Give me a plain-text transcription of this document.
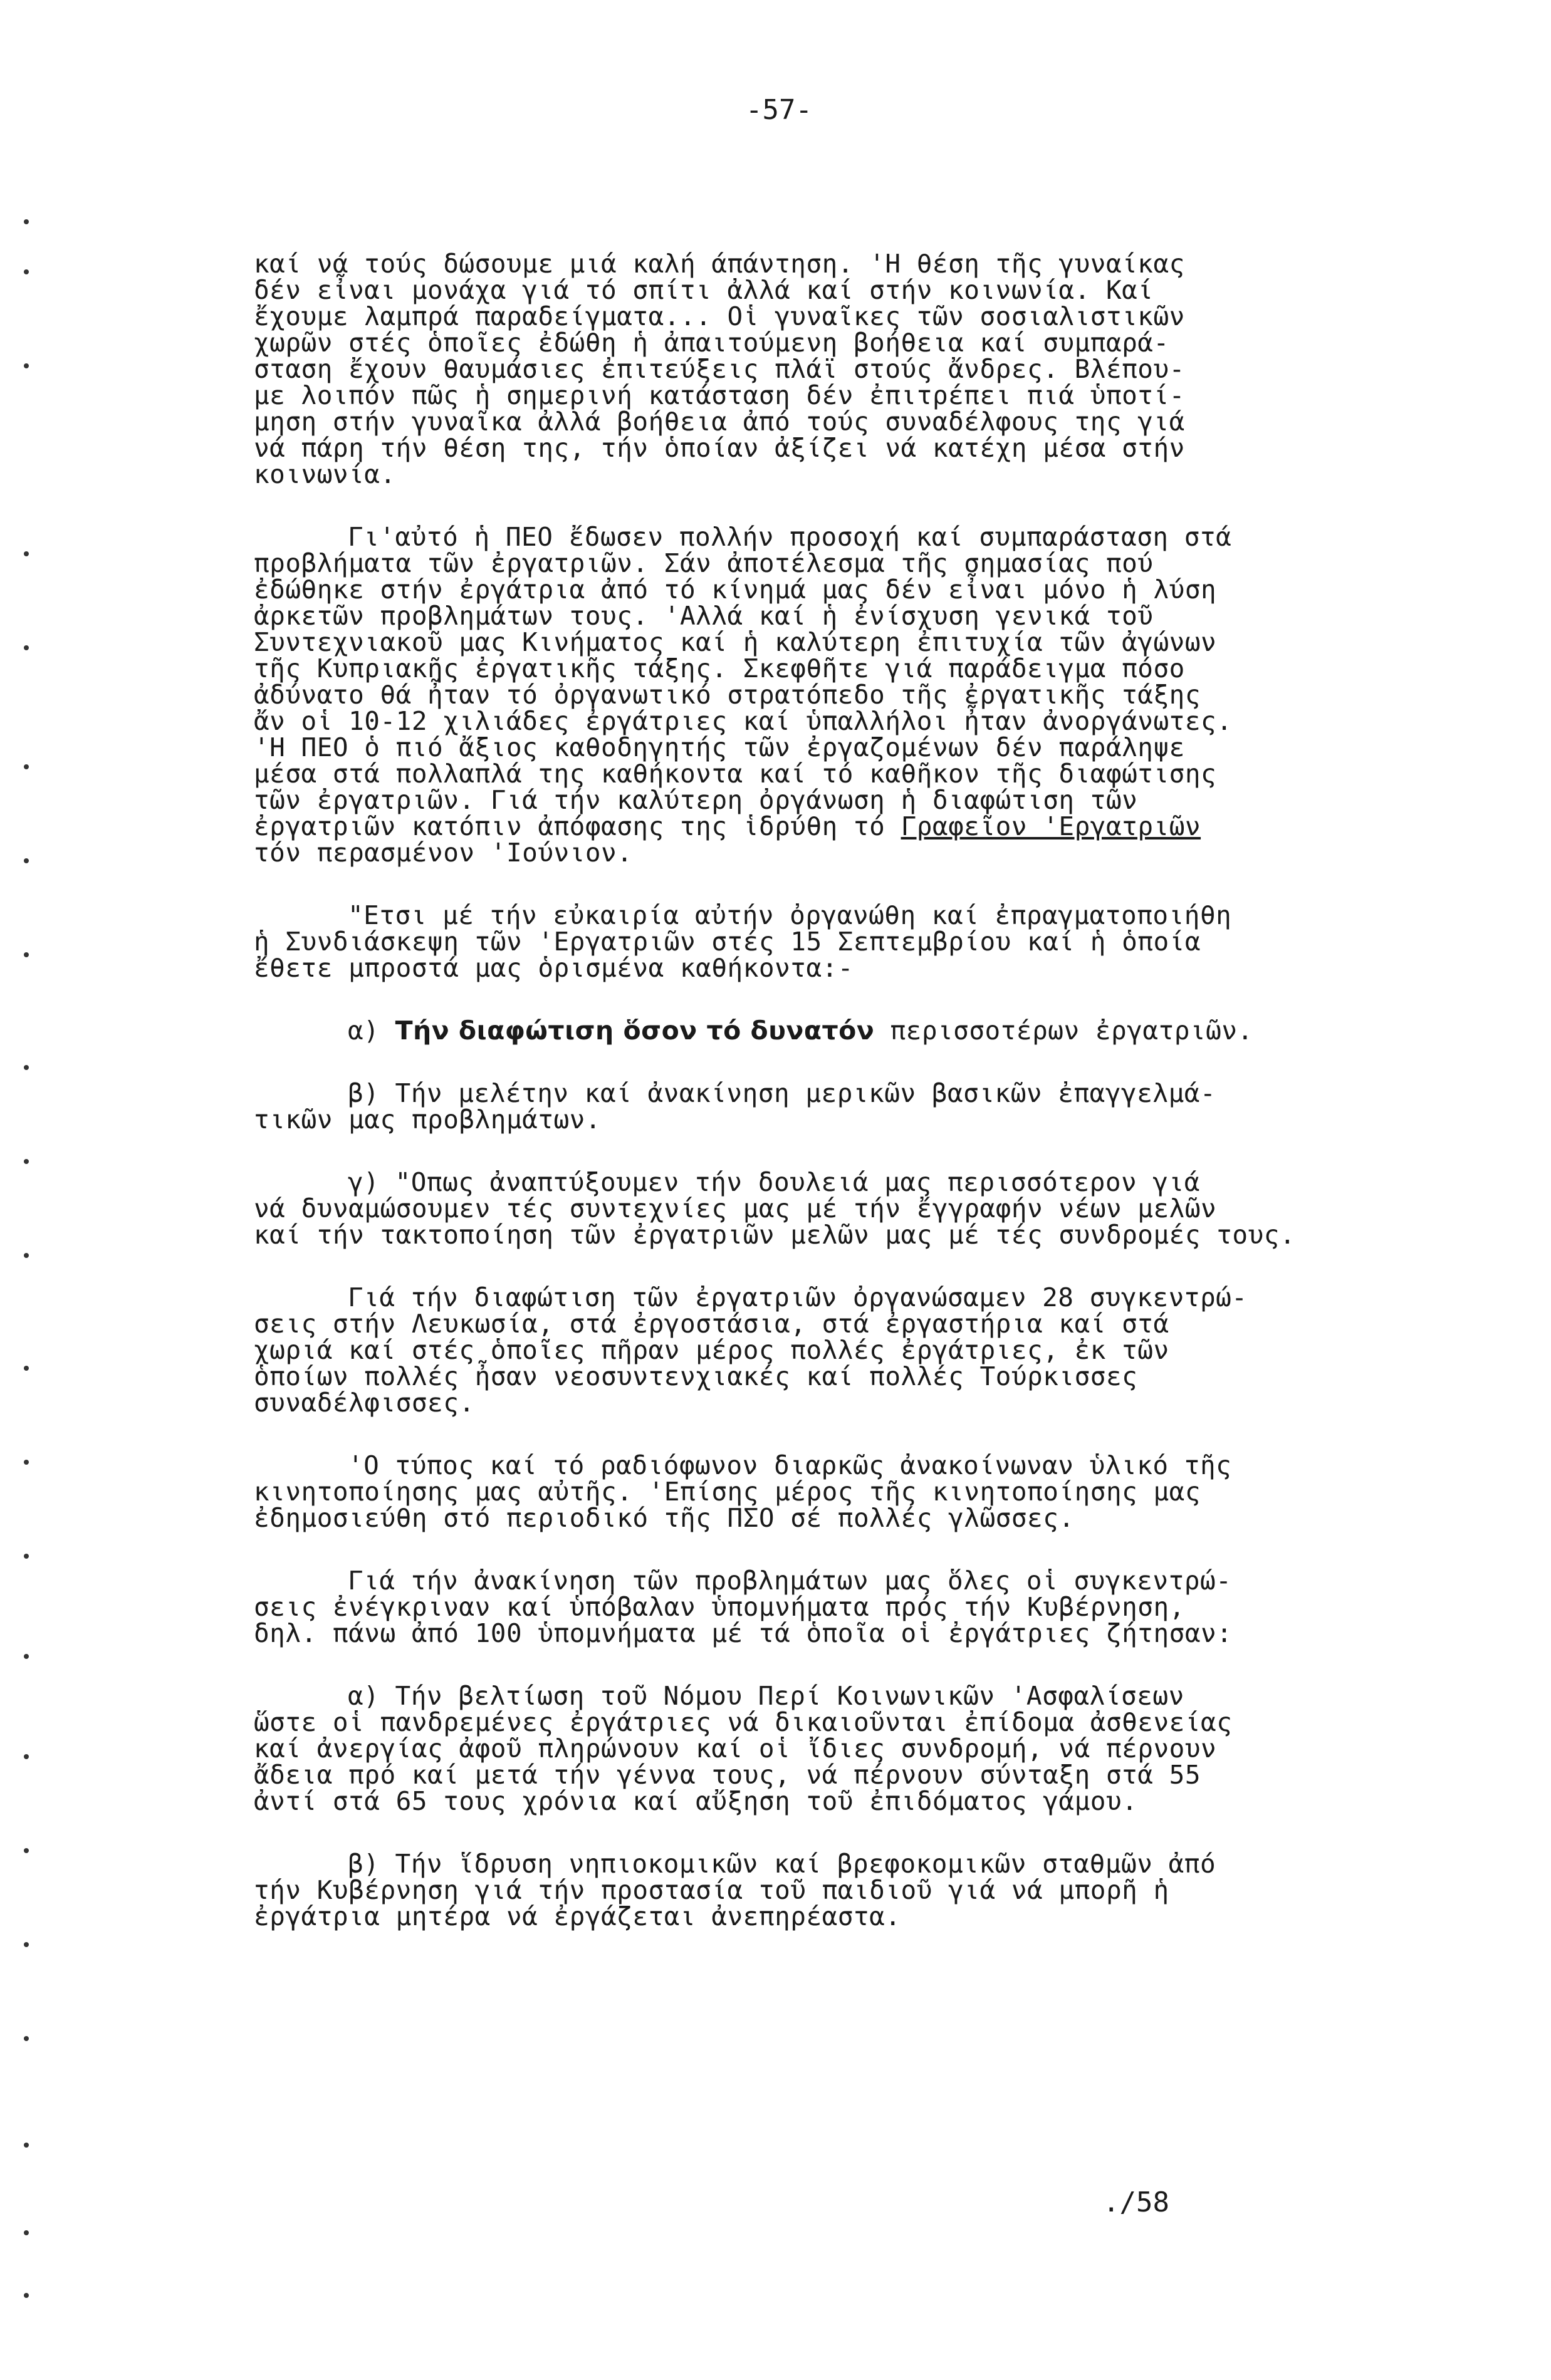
-57-
καί νά τούς δώσουμε μιά καλή άπάντηση. 'Η θέση τῆς γυναίκας
δέν εἶναι μονάχα γιά τό σπίτι ἀλλά καί στήν κοινωνία. Καί
ἔχουμε λαμπρά παραδείγματα... Οἱ γυναῖκες τῶν σοσιαλιστικῶν
χωρῶν στές ὁποῖες ἐδώθη ἡ ἀπαιτούμενη βοήθεια καί συμπαρά-
σταση ἔχουν θαυμάσιες ἐπιτεύξεις πλάϊ στούς ἄνδρες. Βλέπου-
με λοιπόν πῶς ἡ σημερινή κατάσταση δέν ἐπιτρέπει πιά ὑποτί-
μηση στήν γυναῖκα ἀλλά βοήθεια ἀπό τούς συναδέλφους της γιά
νά πάρη τήν θέση της, τήν ὁποίαν ἀξίζει νά κατέχη μέσα στήν
κοινωνία.
Γι'αὐτό ἡ ΠΕΟ ἔδωσεν πολλήν προσοχή καί συμπαράσταση στά
προβλήματα τῶν ἐργατριῶν. Σάν ἀποτέλεσμα τῆς σημασίας πού
ἐδώθηκε στήν ἐργάτρια ἀπό τό κίνημά μας δέν εἶναι μόνο ἡ λύση
ἀρκετῶν προβλημάτων τους. 'Αλλά καί ἡ ἐνίσχυση γενικά τοῦ
Συντεχνιακοῦ μας Κινήματος καί ἡ καλύτερη ἐπιτυχία τῶν ἀγώνων
τῆς Κυπριακῆς ἐργατικῆς τάξης. Σκεφθῆτε γιά παράδειγμα πόσο
ἀδύνατο θά ἦταν τό ὀργανωτικό στρατόπεδο τῆς ἐργατικῆς τάξης
ἄν οἱ 10-12 χιλιάδες ἐργάτριες καί ὑπαλλήλοι ἦταν ἀνοργάνωτες.
'Η ΠΕΟ ὁ πιό ἄξιος καθοδηγητής τῶν ἐργαζομένων δέν παράληψε
μέσα στά πολλαπλά της καθήκοντα καί τό καθῆκον τῆς διαφώτισης
τῶν ἐργατριῶν. Γιά τήν καλύτερη ὀργάνωση ἡ διαφώτιση τῶν
ἐργατριῶν κατόπιν ἀπόφασης της ἱδρύθη τό Γραφεῖον 'Εργατριῶν
τόν περασμένον 'Ιούνιον.
"Ετσι μέ τήν εὐκαιρία αὐτήν ὀργανώθη καί ἐπραγματοποιήθη
ἡ Συνδιάσκεψη τῶν 'Εργατριῶν στές 15 Σεπτεμβρίου καί ἡ ὁποία
ἔθετε μπροστά μας ὁρισμένα καθήκοντα:-
α) Τήν διαφώτιση ὅσον τό δυνατόν περισσοτέρων ἐργατριῶν.
β) Τήν μελέτην καί ἀνακίνηση μερικῶν βασικῶν ἐπαγγελμά-
τικῶν μας προβλημάτων.
γ) "Οπως ἀναπτύξουμεν τήν δουλειά μας περισσότερον γιά
νά δυναμώσουμεν τές συντεχνίες μας μέ τήν ἔγγραφήν νέων μελῶν
καί τήν τακτοποίηση τῶν ἐργατριῶν μελῶν μας μέ τές συνδρομές τους.
Γιά τήν διαφώτιση τῶν ἐργατριῶν ὀργανώσαμεν 28 συγκεντρώ-
σεις στήν Λευκωσία, στά ἐργοστάσια, στά ἐργαστήρια καί στά
χωριά καί στές ὁποῖες πῆραν μέρος πολλές ἐργάτριες, ἐκ τῶν
ὁποίων πολλές ἦσαν νεοσυντενχιακές καί πολλές Τούρκισσες
συναδέλφισσες.
'Ο τύπος καί τό ραδιόφωνον διαρκῶς ἀνακοίνωναν ὑλικό τῆς
κινητοποίησης μας αὐτῆς. 'Επίσης μέρος τῆς κινητοποίησης μας
ἐδημοσιεύθη στό περιοδικό τῆς ΠΣΟ σέ πολλές γλῶσσες.
Γιά τήν ἀνακίνηση τῶν προβλημάτων μας ὅλες οἱ συγκεντρώ-
σεις ἐνέγκριναν καί ὑπόβαλαν ὑπομνήματα πρός τήν Κυβέρνηση,
δηλ. πάνω ἀπό 100 ὑπομνήματα μέ τά ὁποῖα οἱ ἐργάτριες ζήτησαν:
α) Τήν βελτίωση τοῦ Νόμου Περί Κοινωνικῶν 'Ασφαλίσεων
ὥστε οἱ πανδρεμένες ἐργάτριες νά δικαιοῦνται ἐπίδομα ἀσθενείας
καί ἀνεργίας ἀφοῦ πληρώνουν καί οἱ ἴδιες συνδρομή, νά πέρνουν
ἄδεια πρό καί μετά τήν γέννα τους, νά πέρνουν σύνταξη στά 55
ἀντί στά 65 τους χρόνια καί αὔξηση τοῦ ἐπιδόματος γάμου.
β) Τήν ἵδρυση νηπιοκομικῶν καί βρεφοκομικῶν σταθμῶν ἀπό
τήν Κυβέρνηση γιά τήν προστασία τοῦ παιδιοῦ γιά νά μπορῆ ἡ
ἐργάτρια μητέρα νά ἐργάζεται ἀνεπηρέαστα.
./58
